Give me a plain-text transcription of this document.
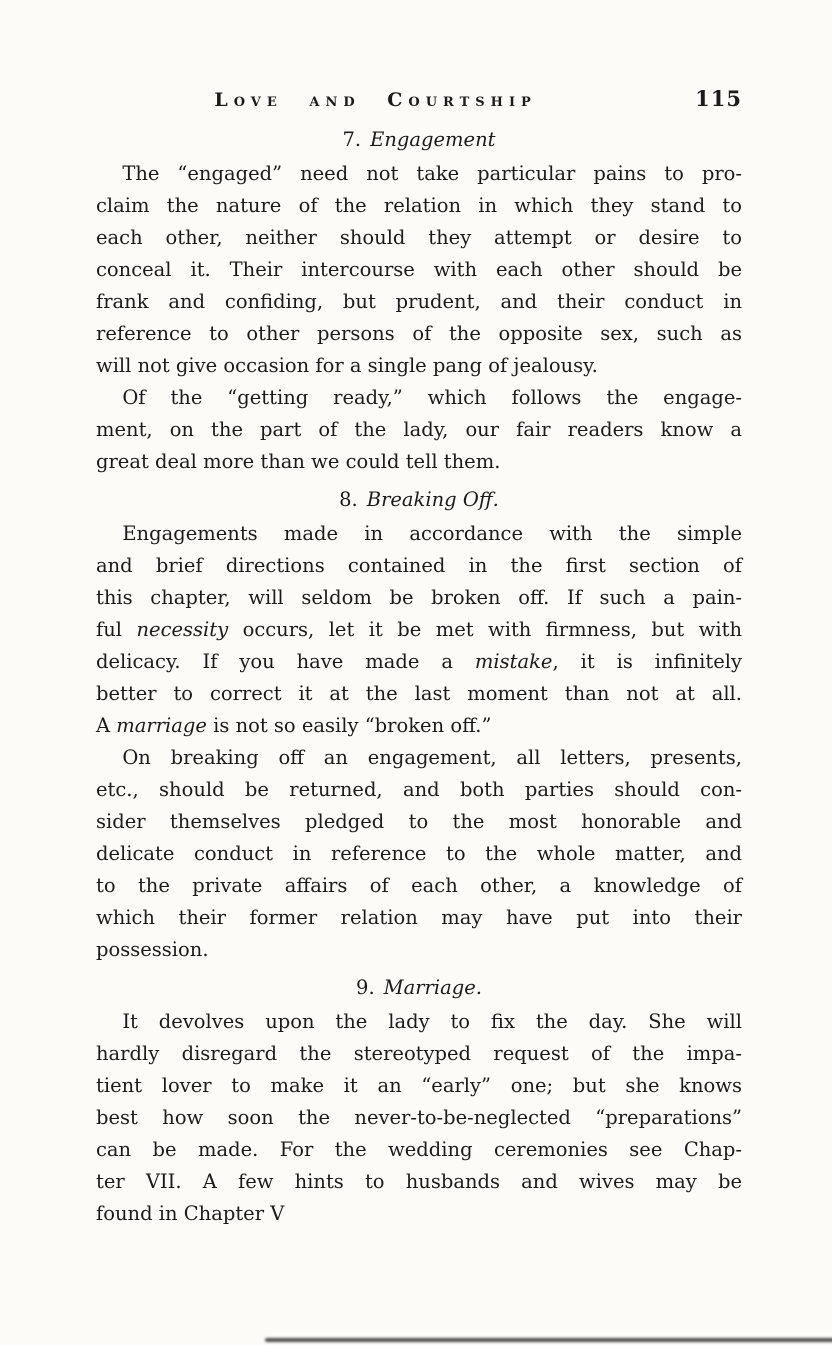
Love and Courtship	115
7. Engagement
The “engaged” need not take particular pains to pro-
claim the nature of the relation in which they stand to
each other, neither should they attempt or desire to
conceal it. Their intercourse with each other should be
frank and confiding, but prudent, and their conduct in
reference to other persons of the opposite sex, such as
will not give occasion for a single pang of jealousy.
Of the “getting ready,” which follows the engage-
ment, on the part of the lady, our fair readers know a
great deal more than we could tell them.
8. Breaking Off.
Engagements made in accordance with the simple
and brief directions contained in the first section of
this chapter, will seldom be broken off. If such a pain-
ful necessity occurs, let it be met with firmness, but with
delicacy. If you have made a mistake, it is infinitely
better to correct it at the last moment than not at all.
A marriage is not so easily “broken off.”
On breaking off an engagement, all letters, presents,
etc., should be returned, and both parties should con-
sider themselves pledged to the most honorable and
delicate conduct in reference to the whole matter, and
to the private affairs of each other, a knowledge of
which their former relation may have put into their
possession.
9. Marriage.
It devolves upon the lady to fix the day. She will
hardly disregard the stereotyped request of the impa-
tient lover to make it an “early” one; but she knows
best how soon the never-to-be-neglected “preparations”
can be made. For the wedding ceremonies see Chap-
ter VII. A few hints to husbands and wives may be
found in Chapter V
